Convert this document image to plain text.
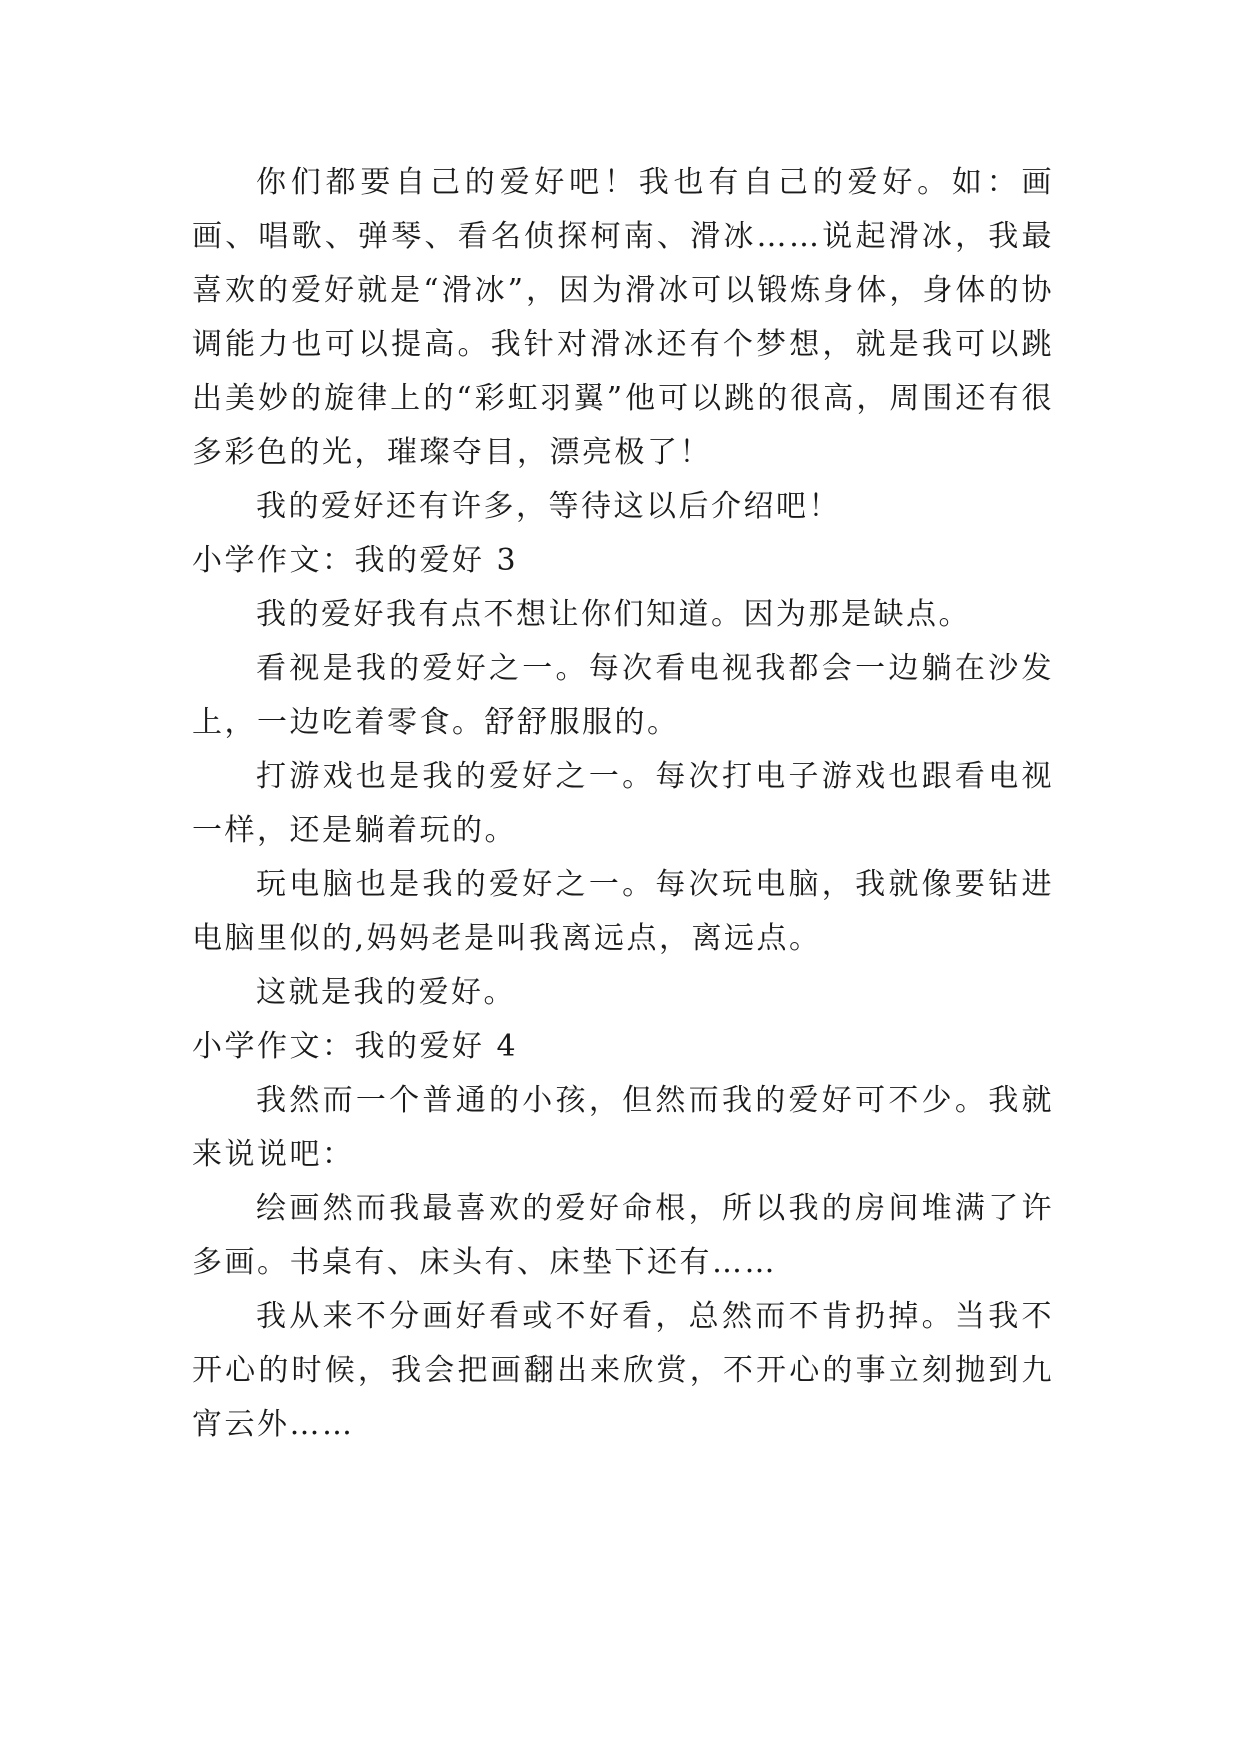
你们都要自己的爱好吧！我也有自己的爱好。如：画画、唱歌、弹琴、看名侦探柯南、滑冰……说起滑冰，我最喜欢的爱好就是“滑冰”，因为滑冰可以锻炼身体，身体的协调能力也可以提高。我针对滑冰还有个梦想，就是我可以跳出美妙的旋律上的“彩虹羽翼”他可以跳的很高，周围还有很多彩色的光，璀璨夺目，漂亮极了！

我的爱好还有许多，等待这以后介绍吧！

小学作文：我的爱好 3

我的爱好我有点不想让你们知道。因为那是缺点。

看视是我的爱好之一。每次看电视我都会一边躺在沙发上，一边吃着零食。舒舒服服的。

打游戏也是我的爱好之一。每次打电子游戏也跟看电视一样，还是躺着玩的。

玩电脑也是我的爱好之一。每次玩电脑，我就像要钻进电脑里似的,妈妈老是叫我离远点，离远点。

这就是我的爱好。

小学作文：我的爱好 4

我然而一个普通的小孩，但然而我的爱好可不少。我就来说说吧：

绘画然而我最喜欢的爱好命根，所以我的房间堆满了许多画。书桌有、床头有、床垫下还有……

我从来不分画好看或不好看，总然而不肯扔掉。当我不开心的时候，我会把画翻出来欣赏，不开心的事立刻抛到九宵云外……
